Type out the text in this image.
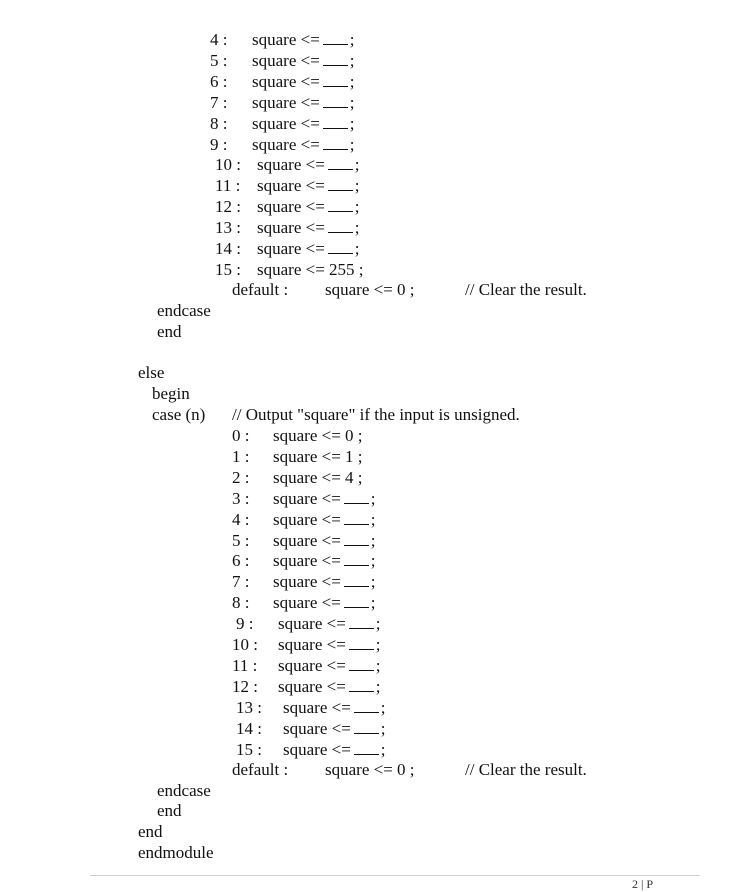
4 : square <= ;
5 : square <= ;
6 : square <= ;
7 : square <= ;
8 : square <= ;
9 : square <= ;
10 : square <= ;
11 : square <= ;
12 : square <= ;
13 : square <= ;
14 : square <= ;
15 : square <= 255 ;
default : square <= 0 ;	// Clear the result.
endcase
end
else
begin
case (n) // Output "square" if the input is unsigned.
0 : square <= 0 ;
1 : square <= 1 ;
2 : square <= 4 ;
3 : square <= ;
4 : square <= ;
5 : square <= ;
6 : square <= ;
7 : square <= ;
8 : square <= ;
9 : square <= ;
10 : square <= ;
11 : square <= ;
12 : square <= ;
13 : square <= ;
14 : square <= ;
15 : square <= ;
default : square <= 0 ;	// Clear the result.
endcase
end
end
endmodule
2 | P
